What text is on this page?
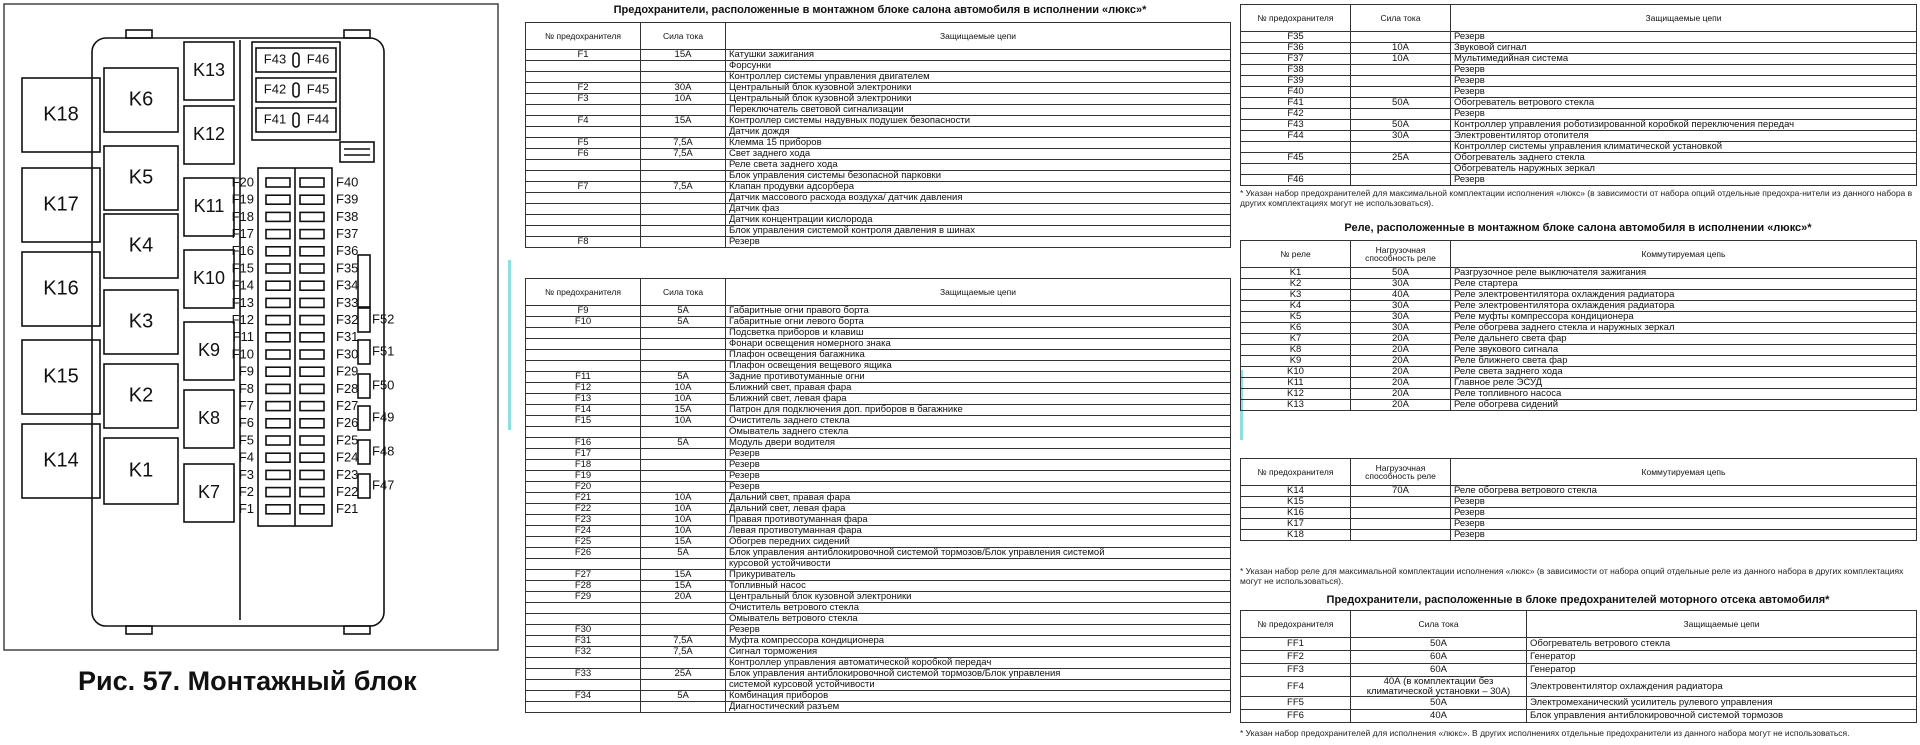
K18
K17
K16
K15
K14
K6
K5
K4
K3
K2
K1
K13
K12
K11
K10
K9
K8
K7
F43 F46
F42 F45
F41 F44
F20	F40
F19	F39
F18	F38
F17	F37
F16	F36
F15	F35
F14	F34
F13	F33
F12	F32
F11	F31
F10	F30
F9	F29
F8	F28
F7	F27
F6	F26
F5	F25
F4	F24
F3	F23
F2	F22
F1	F21
F52
F51
F50
F49
F48
F47
Рис. 57. Монтажный блок
Предохранители, расположенные в монтажном блоке салона автомобиля в исполнении «люкс»*
№ предохранителя	Сила тока	Защищаемые цепи
F1	15А	Катушки зажигания
		Форсунки
		Контроллер системы управления двигателем
F2	30А	Центральный блок кузовной электроники
F3	10А	Центральный блок кузовной электроники
		Переключатель световой сигнализации
F4	15А	Контроллер системы надувных подушек безопасности
		Датчик дождя
F5	7,5А	Клемма 15 приборов
F6	7,5А	Свет заднего хода
		Реле света заднего хода
		Блок управления системы безопасной парковки
F7	7,5А	Клапан продувки адсорбера
		Датчик массового расхода воздуха/ датчик давления
		Датчик фаз
		Датчик концентрации кислорода
		Блок управления системой контроля давления в шинах
F8		Резерв
№ предохранителя	Сила тока	Защищаемые цепи
F9	5А	Габаритные огни правого борта
F10	5А	Габаритные огни левого борта
		Подсветка приборов и клавиш
		Фонари освещения номерного знака
		Плафон освещения багажника
		Плафон освещения вещевого ящика
F11	5А	Задние противотуманные огни
F12	10А	Ближний свет, правая фара
F13	10А	Ближний свет, левая фара
F14	15А	Патрон для подключения доп. приборов в багажнике
F15	10А	Очиститель заднего стекла
		Омыватель заднего стекла
F16	5А	Модуль двери водителя
F17		Резерв
F18		Резерв
F19		Резерв
F20		Резерв
F21	10А	Дальний свет, правая фара
F22	10А	Дальний свет, левая фара
F23	10А	Правая противотуманная фара
F24	10А	Левая противотуманная фара
F25	15А	Обогрев передних сидений
F26	5А	Блок управления антиблокировочной системой тормозов/Блок управления системой
		курсовой устойчивости
F27	15А	Прикуриватель
F28	15А	Топливный насос
F29	20А	Центральный блок кузовной электроники
		Очиститель ветрового стекла
		Омыватель ветрового стекла
F30		Резерв
F31	7,5А	Муфта компрессора кондиционера
F32	7,5А	Сигнал торможения
		Контроллер управления автоматической коробкой передач
F33	25А	Блок управления антиблокировочной системой тормозов/Блок управления
		системой курсовой устойчивости
F34	5А	Комбинация приборов
		Диагностический разъем
№ предохранителя	Сила тока	Защищаемые цепи
F35		Резерв
F36	10А	Звуковой сигнал
F37	10А	Мультимедийная система
F38		Резерв
F39		Резерв
F40		Резерв
F41	50А	Обогреватель ветрового стекла
F42		Резерв
F43	50А	Контроллер управления роботизированной коробкой переключения передач
F44	30А	Электровентилятор отопителя
		Контроллер системы управления климатической установкой
F45	25А	Обогреватель заднего стекла
		Обогреватель наружных зеркал
F46		Резерв
* Указан набор предохранителей для максимальной комплектации исполнения «люкс» (в зависимости от набора опций отдельные предохра-нители из данного набора в других комплектациях могут не использоваться).
Реле, расположенные в монтажном блоке салона автомобиля в исполнении «люкс»*
№ реле	Нагрузочная способность реле	Коммутируемая цепь
K1	50А	Разгрузочное реле выключателя зажигания
K2	30А	Реле стартера
K3	40А	Реле электровентилятора охлаждения радиатора
K4	30А	Реле электровентилятора охлаждения радиатора
K5	30А	Реле муфты компрессора кондиционера
K6	30А	Реле обогрева заднего стекла и наружных зеркал
K7	20А	Реле дальнего света фар
K8	20А	Реле звукового сигнала
K9	20А	Реле ближнего света фар
K10	20А	Реле света заднего хода
K11	20А	Главное реле ЭСУД
K12	20А	Реле топливного насоса
K13	20А	Реле обогрева сидений
№ предохранителя	Нагрузочная способность реле	Коммутируемая цепь
K14	70А	Реле обогрева ветрового стекла
K15		Резерв
K16		Резерв
K17		Резерв
K18		Резерв
* Указан набор реле для максимальной комплектации исполнения «люкс» (в зависимости от набора опций отдельные реле из данного набора в других комплектациях могут не использоваться).
Предохранители, расположенные в блоке предохранителей моторного отсека автомобиля*
№ предохранителя	Сила тока	Защищаемые цепи
FF1	50А	Обогреватель ветрового стекла
FF2	60А	Генератор
FF3	60А	Генератор
FF4	40А (в комплектации без климатической установки – 30А)	Электровентилятор охлаждения радиатора
FF5	50А	Электромеханический усилитель рулевого управления
FF6	40А	Блок управления антиблокировочной системой тормозов
* Указан набор предохранителей для исполнения «люкс». В других исполнениях отдельные предохранители из данного набора могут не использоваться.
